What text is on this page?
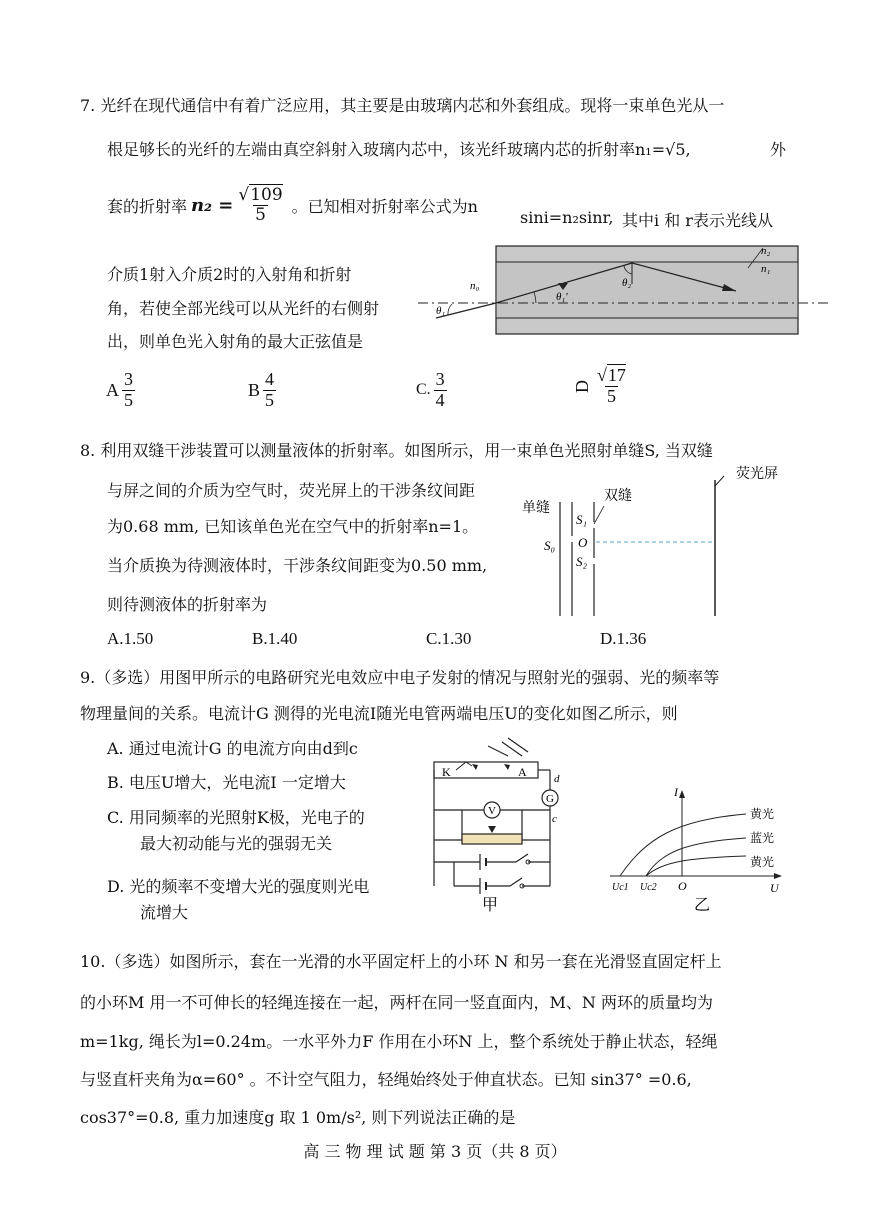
7. 光纤在现代通信中有着广泛应用，其主要是由玻璃内芯和外套组成。现将一束单色光从一
根足够长的光纤的左端由真空斜射入玻璃内芯中，该光纤玻璃内芯的折射率n₁=√5,	外
套的折射率 $n_2 = \frac{√109}{5}$ 。已知相对折射率公式为n
sini=n₂sinr, 其中i 和 r表示光线从
介质1射入介质2时的入射角和折射
角，若使全部光线可以从光纤的右侧射
出，则单色光入射角的最大正弦值是
n₀
n₁
n₂
θ₁
θ₁'
θ₂
A $\frac{3}{5}$	B $\frac{4}{5}$	C. $\frac{3}{4}$	D $\frac{√17}{5}$
8. 利用双缝干涉装置可以测量液体的折射率。如图所示，用一束单色光照射单缝S, 当双缝
与屏之间的介质为空气时，荧光屏上的干涉条纹间距
为0.68 mm, 已知该单色光在空气中的折射率n=1。
当介质换为待测液体时，干涉条纹间距变为0.50 mm,
则待测液体的折射率为
荧光屏
单缝
双缝
S₀
S₁
O
S₂
A.1.50	B.1.40	C.1.30	D.1.36
9.（多选）用图甲所示的电路研究光电效应中电子发射的情况与照射光的强弱、光的频率等
物理量间的关系。电流计G 测得的光电流I随光电管两端电压U的变化如图乙所示，则
A. 通过电流计G 的电流方向由d到c
B. 电压U增大，光电流I 一定增大
C. 用同频率的光照射K极，光电子的
最大初动能与光的强弱无关
D. 光的频率不变增大光的强度则光电
流增大
K	A
G
d
c
V
甲
I
U
O
Uc1 Uc2
黄光
蓝光
黄光
乙
10.（多选）如图所示，套在一光滑的水平固定杆上的小环 N 和另一套在光滑竖直固定杆上
的小环M 用一不可伸长的轻绳连接在一起，两杆在同一竖直面内，M、N 两环的质量均为
m=1kg, 绳长为l=0.24m。一水平外力F 作用在小环N 上，整个系统处于静止状态，轻绳
与竖直杆夹角为α=60° 。不计空气阻力，轻绳始终处于伸直状态。已知 sin37° =0.6,
cos37°=0.8, 重力加速度g 取 1 0m/s², 则下列说法正确的是
高 三 物 理 试 题 第 3 页（共 8 页）
